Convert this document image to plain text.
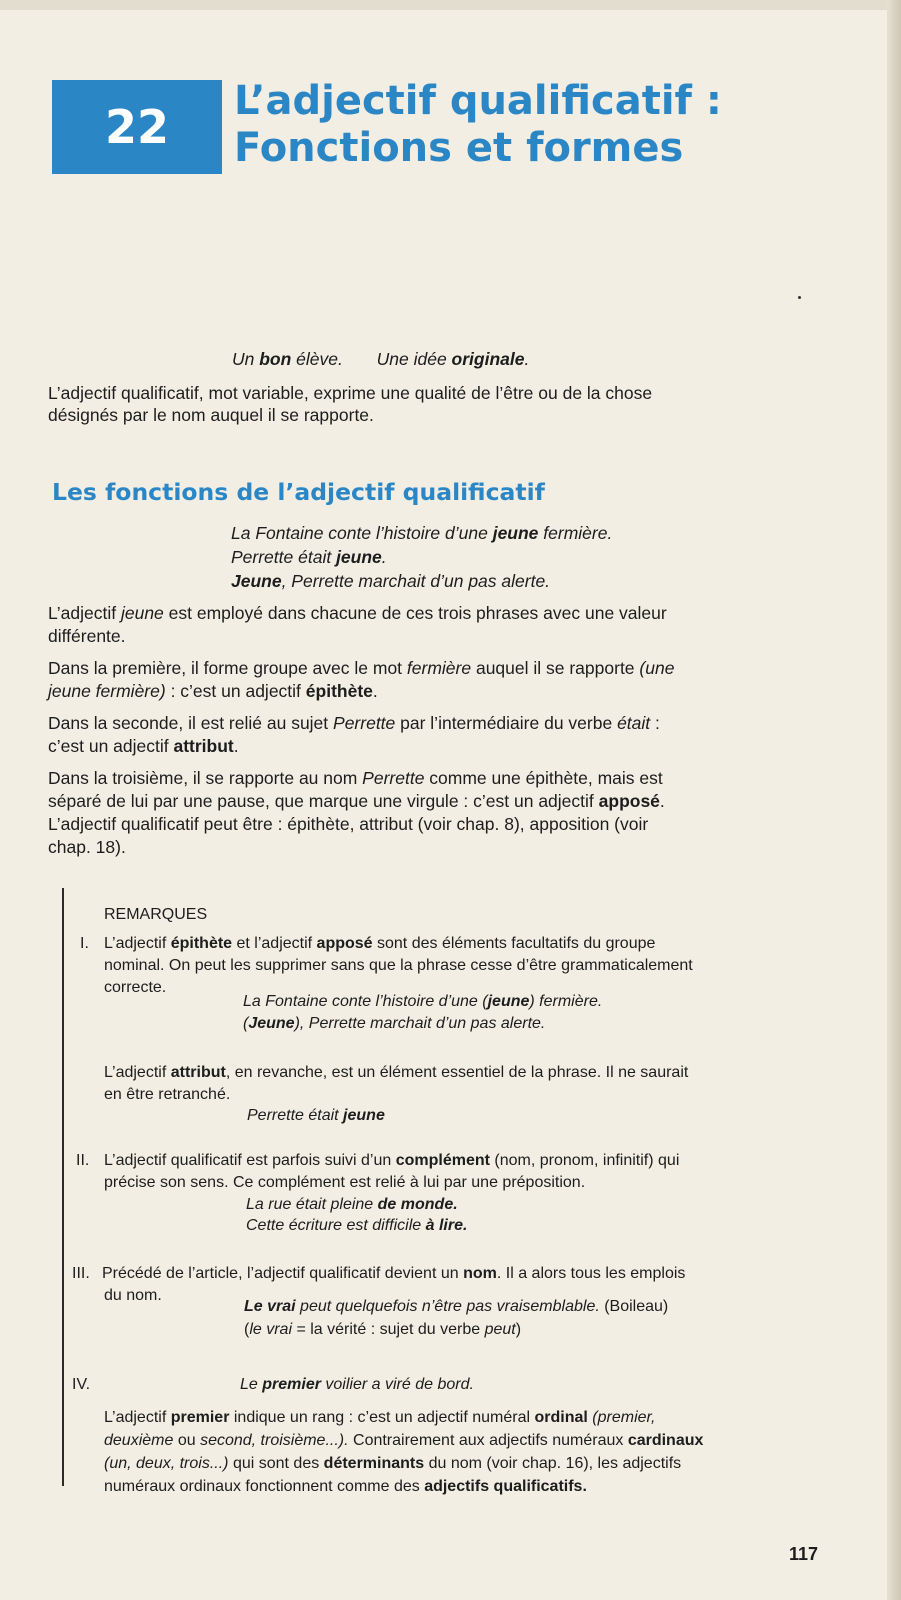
22 L’adjectif qualificatif :
Fonctions et formes
Un bon élève. Une idée originale.
L’adjectif qualificatif, mot variable, exprime une qualité de l’être ou de la chose
désignés par le nom auquel il se rapporte.
Les fonctions de l’adjectif qualificatif
La Fontaine conte l’histoire d’une jeune fermière.
Perrette était jeune.
Jeune, Perrette marchait d’un pas alerte.
L’adjectif jeune est employé dans chacune de ces trois phrases avec une valeur
différente.
Dans la première, il forme groupe avec le mot fermière auquel il se rapporte (une
jeune fermière) : c’est un adjectif épithète.
Dans la seconde, il est relié au sujet Perrette par l’intermédiaire du verbe était :
c’est un adjectif attribut.
Dans la troisième, il se rapporte au nom Perrette comme une épithète, mais est
séparé de lui par une pause, que marque une virgule : c’est un adjectif apposé.
L’adjectif qualificatif peut être : épithète, attribut (voir chap. 8), apposition (voir
chap. 18).
REMARQUES
I. L’adjectif épithète et l’adjectif apposé sont des éléments facultatifs du groupe
nominal. On peut les supprimer sans que la phrase cesse d’être grammaticalement
correcte.
La Fontaine conte l’histoire d’une (jeune) fermière.
(Jeune), Perrette marchait d’un pas alerte.
L’adjectif attribut, en revanche, est un élément essentiel de la phrase. Il ne saurait
en être retranché.
Perrette était jeune
II. L’adjectif qualificatif est parfois suivi d’un complément (nom, pronom, infinitif) qui
précise son sens. Ce complément est relié à lui par une préposition.
La rue était pleine de monde.
Cette écriture est difficile à lire.
III. Précédé de l’article, l’adjectif qualificatif devient un nom. Il a alors tous les emplois
du nom.
Le vrai peut quelquefois n’être pas vraisemblable. (Boileau)
(le vrai = la vérité : sujet du verbe peut)
IV.	Le premier voilier a viré de bord.
L’adjectif premier indique un rang : c’est un adjectif numéral ordinal (premier,
deuxième ou second, troisième...). Contrairement aux adjectifs numéraux cardinaux
(un, deux, trois...) qui sont des déterminants du nom (voir chap. 16), les adjectifs
numéraux ordinaux fonctionnent comme des adjectifs qualificatifs.
117
